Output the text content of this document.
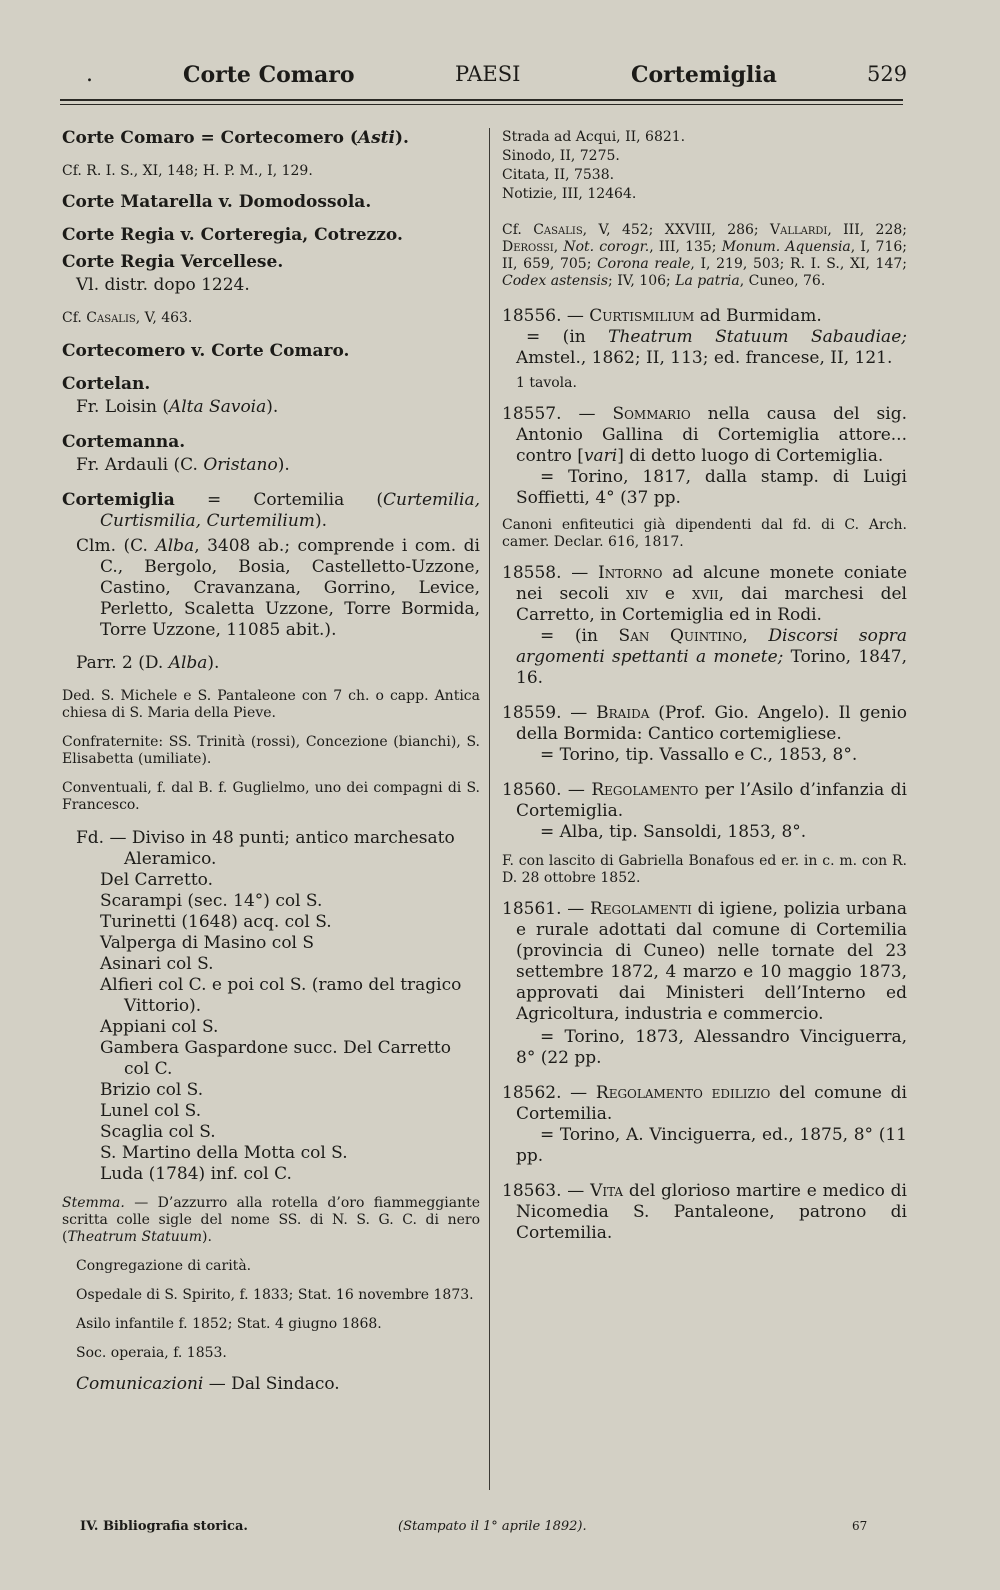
.	Corte Comaro	PAESI	Cortemiglia	529

Corte Comaro = Cortecomero (Asti).

Cf. R. I. S., XI, 148; H. P. M., I, 129.

Corte Matarella v. Domodossola.

Corte Regia v. Corteregia, Cotrezzo.

Corte Regia Vercellese.

Vl. distr. dopo 1224.

Cf. Casalis, V, 463.

Cortecomero v. Corte Comaro.

Cortelan.

Fr. Loisin (Alta Savoia).

Cortemanna.

Fr. Ardauli (C. Oristano).

Cortemiglia = Cortemilia (Curtemilia, Curtismilia, Curtemilium).

Clm. (C. Alba, 3408 ab.; comprende i com. di C., Bergolo, Bosia, Castelletto-Uzzone, Castino, Cravanzana, Gorrino, Levice, Perletto, Scaletta Uzzone, Torre Bormida, Torre Uzzone, 11085 abit.).

Parr. 2 (D. Alba).

Ded. S. Michele e S. Pantaleone con 7 ch. o capp. Antica chiesa di S. Maria della Pieve.

Confraternite: SS. Trinità (rossi), Concezione (bianchi), S. Elisabetta (umiliate).

Conventuali, f. dal B. f. Guglielmo, uno dei compagni di S. Francesco.

Fd. — Diviso in 48 punti; antico marchesato Aleramico.

Del Carretto.

Scarampi (sec. 14°) col S.

Turinetti (1648) acq. col S.

Valperga di Masino col S

Asinari col S.

Alfieri col C. e poi col S. (ramo del tragico Vittorio).

Appiani col S.

Gambera Gaspardone succ. Del Carretto col C.

Brizio col S.

Lunel col S.

Scaglia col S.

S. Martino della Motta col S.

Luda (1784) inf. col C.

Stemma. — D’azzurro alla rotella d’oro fiammeggiante scritta colle sigle del nome SS. di N. S. G. C. di nero (Theatrum Statuum).

Congregazione di carità.

Ospedale di S. Spirito, f. 1833; Stat. 16 novembre 1873.

Asilo infantile f. 1852; Stat. 4 giugno 1868.

Soc. operaia, f. 1853.

Comunicazioni — Dal Sindaco.

Strada ad Acqui, II, 6821.

Sinodo, II, 7275.

Citata, II, 7538.

Notizie, III, 12464.

Cf. Casalis, V, 452; XXVIII, 286; Vallardi, III, 228; Derossi, Not. corogr., III, 135; Monum. Aquensia, I, 716; II, 659, 705; Corona reale, I, 219, 503; R. I. S., XI, 147; Codex astensis; IV, 106; La patria, Cuneo, 76.

18556. — Curtismilium ad Burmidam.

= (in Theatrum Statuum Sabaudiae; Amstel., 1862; II, 113; ed. francese, II, 121.

1 tavola.

18557. — Sommario nella causa del sig. Antonio Gallina di Cortemiglia attore... contro [vari] di detto luogo di Cortemiglia.

= Torino, 1817, dalla stamp. di Luigi Soffietti, 4° (37 pp.

Canoni enfiteutici già dipendenti dal fd. di C. Arch. camer. Declar. 616, 1817.

18558. — Intorno ad alcune monete coniate nei secoli xiv e xvii, dai marchesi del Carretto, in Cortemiglia ed in Rodi.

= (in San Quintino, Discorsi sopra argomenti spettanti a monete; Torino, 1847, 16.

18559. — Braida (Prof. Gio. Angelo). Il genio della Bormida: Cantico cortemigliese.

= Torino, tip. Vassallo e C., 1853, 8°.

18560. — Regolamento per l’Asilo d’infanzia di Cortemiglia.

= Alba, tip. Sansoldi, 1853, 8°.

F. con lascito di Gabriella Bonafous ed er. in c. m. con R. D. 28 ottobre 1852.

18561. — Regolamenti di igiene, polizia urbana e rurale adottati dal comune di Cortemilia (provincia di Cuneo) nelle tornate del 23 settembre 1872, 4 marzo e 10 maggio 1873, approvati dai Ministeri dell’Interno ed Agricoltura, industria e commercio.

= Torino, 1873, Alessandro Vinciguerra, 8° (22 pp.

18562. — Regolamento edilizio del comune di Cortemilia.

= Torino, A. Vinciguerra, ed., 1875, 8° (11 pp.

18563. — Vita del glorioso martire e medico di Nicomedia S. Pantaleone, patrono di Cortemilia.

IV. Bibliografia storica.	(Stampato il 1° aprile 1892).	67
